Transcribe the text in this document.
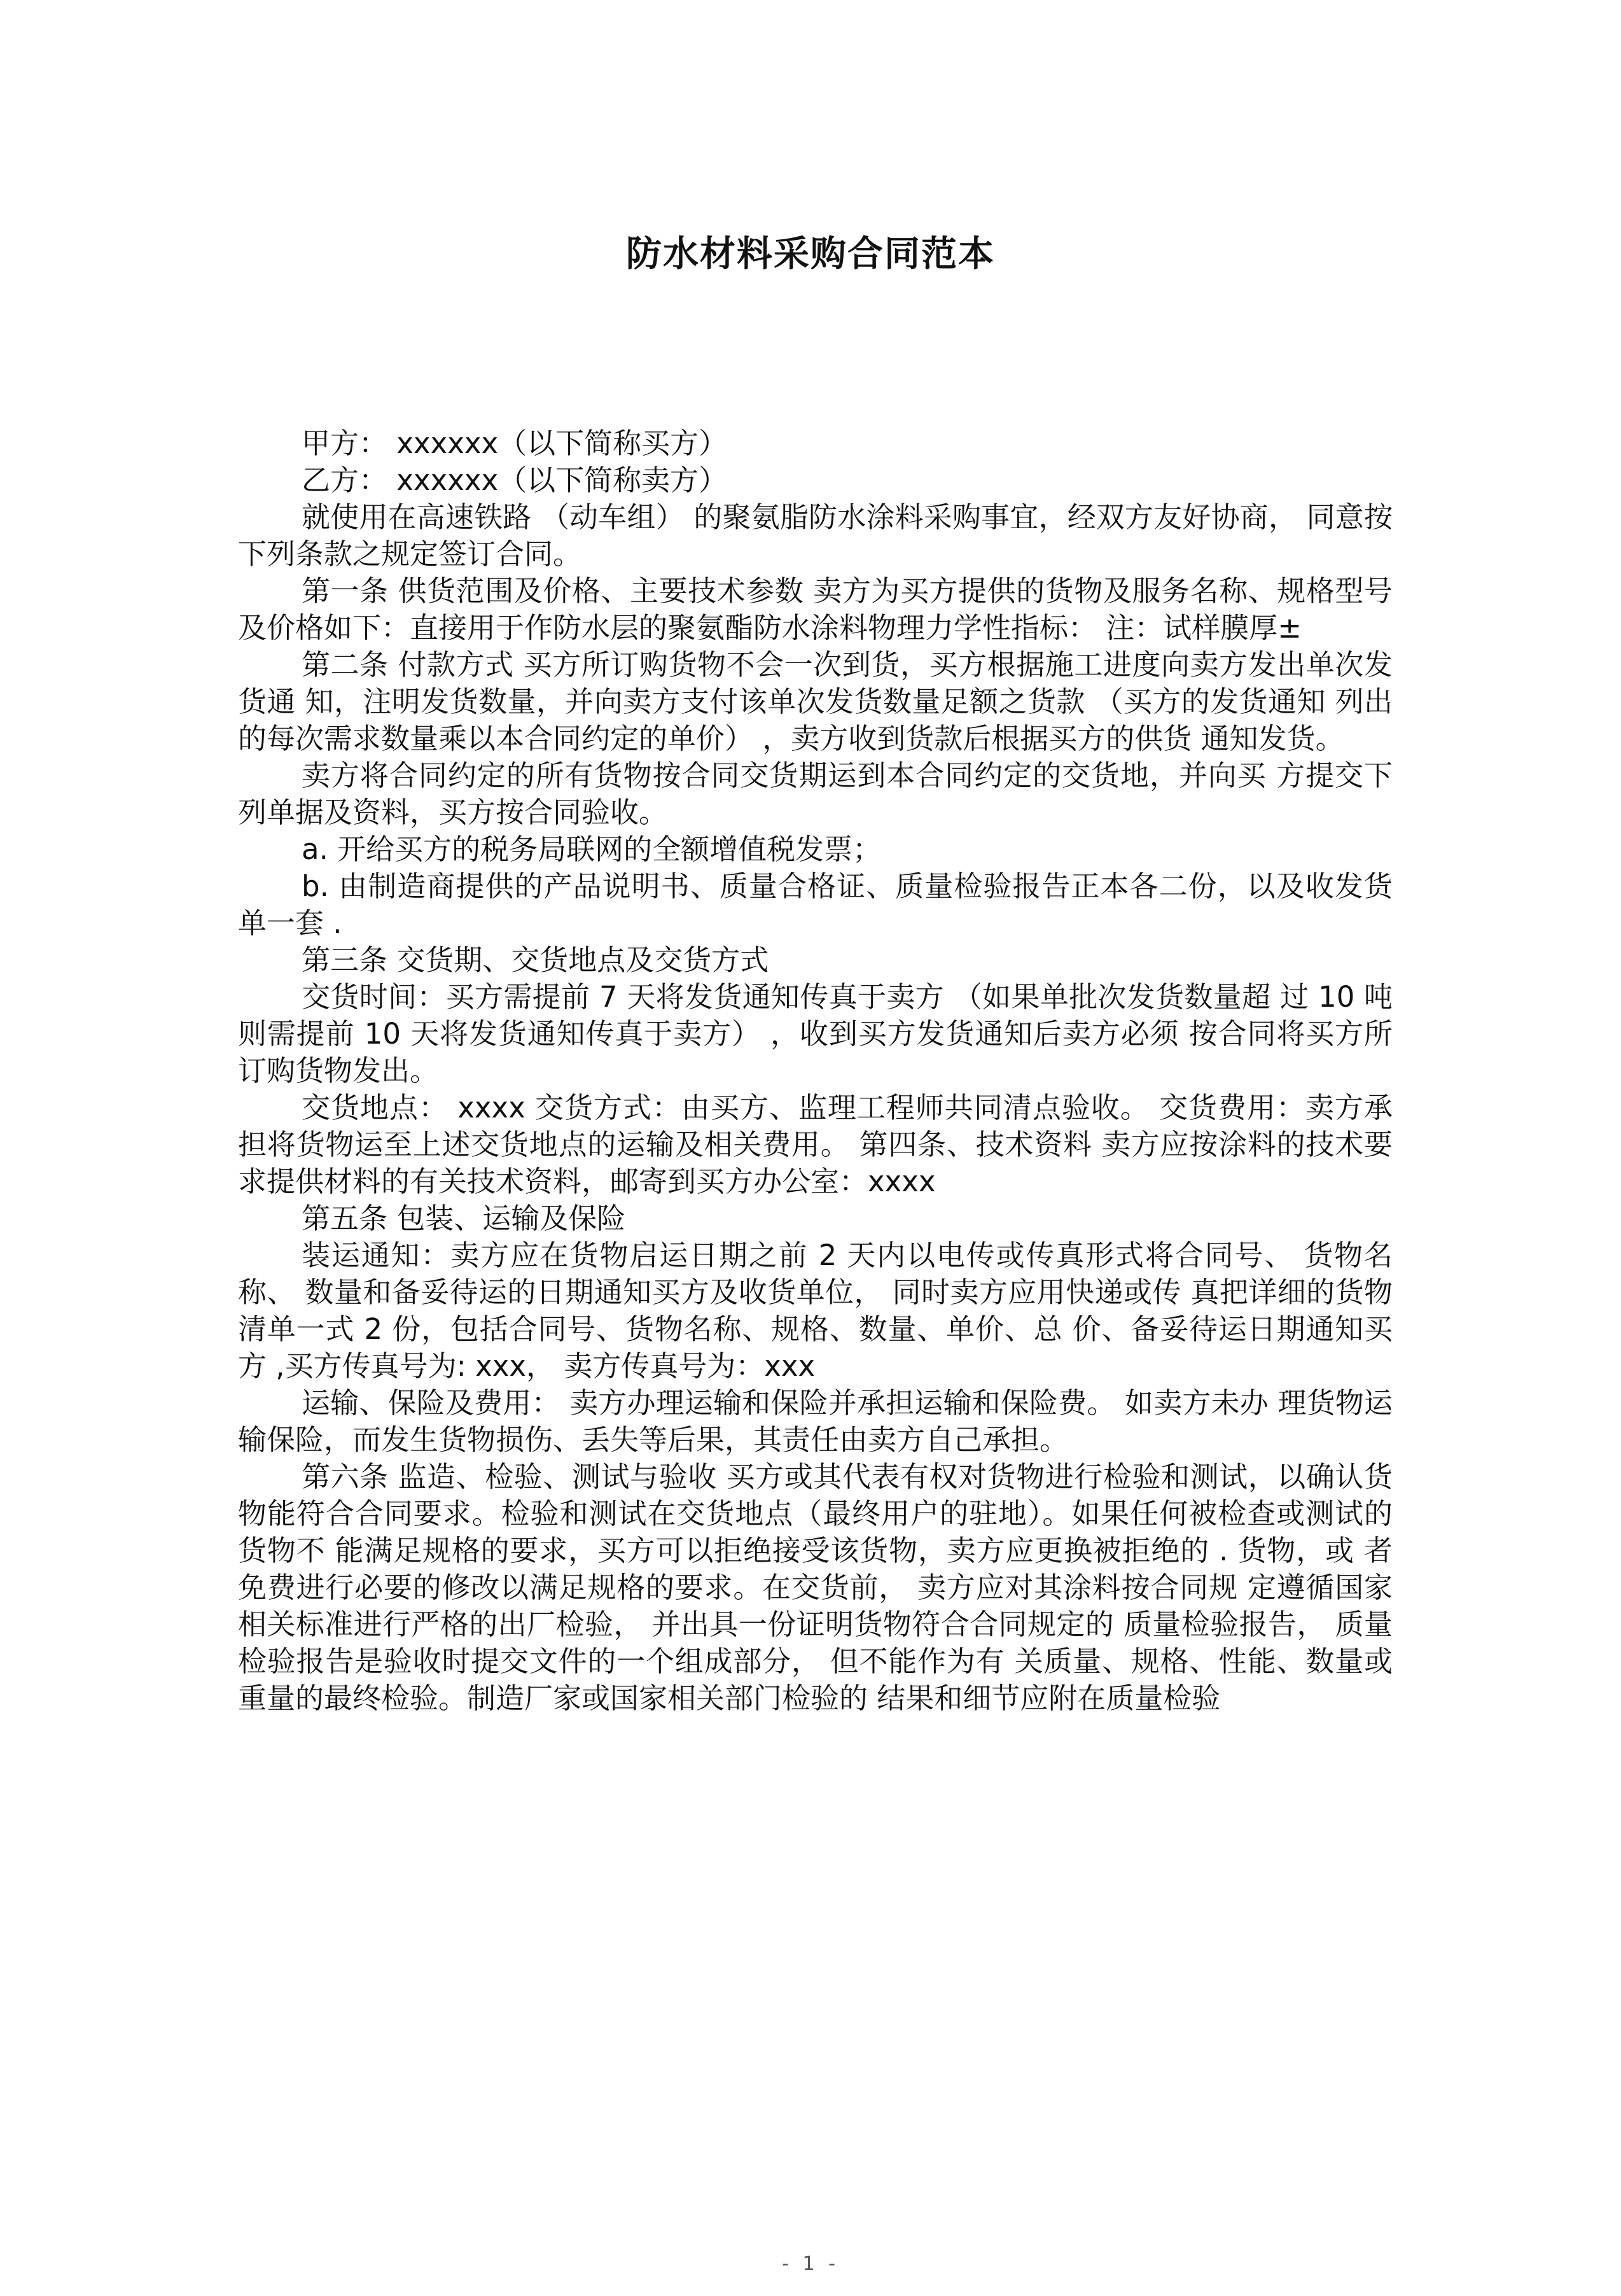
防水材料采购合同范本

甲方： xxxxxx（以下简称买方）

乙方： xxxxxx（以下简称卖方）

就使用在高速铁路 （动车组） 的聚氨脂防水涂料采购事宜，经双方友好协商， 同意按下列条款之规定签订合同。

第一条 供货范围及价格、主要技术参数 卖方为买方提供的货物及服务名称、规格型号及价格如下：直接用于作防水层的聚氨酯防水涂料物理力学性指标： 注：试样膜厚±

第二条 付款方式 买方所订购货物不会一次到货，买方根据施工进度向卖方发出单次发货通 知，注明发货数量，并向卖方支付该单次发货数量足额之货款 （买方的发货通知 列出的每次需求数量乘以本合同约定的单价） ，卖方收到货款后根据买方的供货 通知发货。

卖方将合同约定的所有货物按合同交货期运到本合同约定的交货地，并向买 方提交下列单据及资料，买方按合同验收。

a. 开给买方的税务局联网的全额增值税发票；

b. 由制造商提供的产品说明书、质量合格证、质量检验报告正本各二份，以及收发货单一套 .

第三条 交货期、交货地点及交货方式

交货时间：买方需提前 7 天将发货通知传真于卖方 （如果单批次发货数量超 过 10 吨则需提前 10 天将发货通知传真于卖方） ，收到买方发货通知后卖方必须 按合同将买方所订购货物发出。

交货地点： xxxx 交货方式：由买方、监理工程师共同清点验收。 交货费用：卖方承担将货物运至上述交货地点的运输及相关费用。 第四条、技术资料 卖方应按涂料的技术要求提供材料的有关技术资料，邮寄到买方办公室：xxxx

第五条 包装、运输及保险

装运通知：卖方应在货物启运日期之前 2 天内以电传或传真形式将合同号、 货物名称、 数量和备妥待运的日期通知买方及收货单位， 同时卖方应用快递或传 真把详细的货物清单一式 2 份，包括合同号、货物名称、规格、数量、单价、总 价、备妥待运日期通知买方 ,买方传真号为: xxx， 卖方传真号为：xxx

运输、保险及费用： 卖方办理运输和保险并承担运输和保险费。 如卖方未办 理货物运输保险，而发生货物损伤、丢失等后果，其责任由卖方自己承担。

第六条 监造、检验、测试与验收 买方或其代表有权对货物进行检验和测试，以确认货物能符合合同要求。检验和测试在交货地点（最终用户的驻地）。如果任何被检查或测试的货物不 能满足规格的要求，买方可以拒绝接受该货物，卖方应更换被拒绝的 . 货物，或 者免费进行必要的修改以满足规格的要求。在交货前， 卖方应对其涂料按合同规 定遵循国家相关标准进行严格的出厂检验， 并出具一份证明货物符合合同规定的 质量检验报告， 质量检验报告是验收时提交文件的一个组成部分， 但不能作为有 关质量、规格、性能、数量或重量的最终检验。制造厂家或国家相关部门检验的 结果和细节应附在质量检验

- 1 -
